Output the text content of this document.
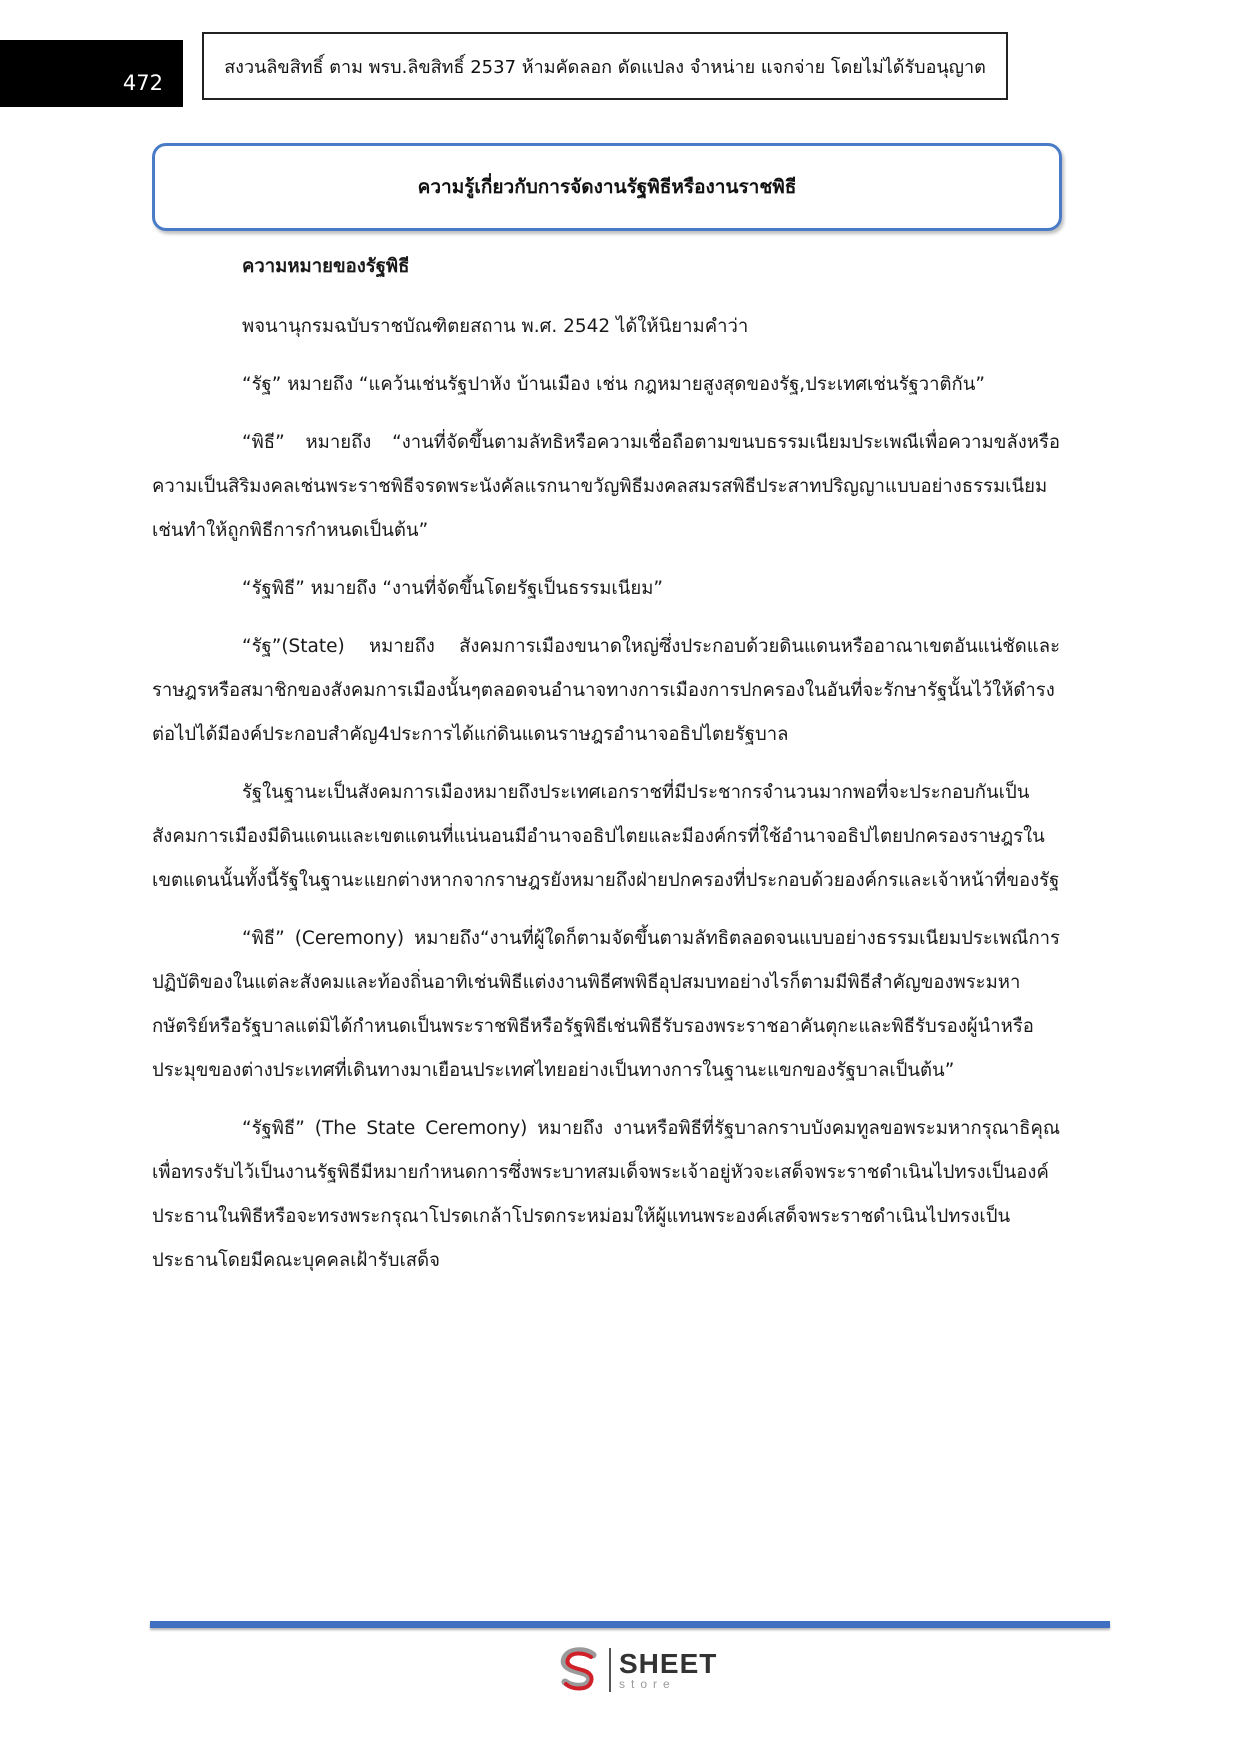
472
สงวนลิขสิทธิ์ ตาม พรบ.ลิขสิทธิ์ 2537 ห้ามคัดลอก ดัดแปลง จำหน่าย แจกจ่าย โดยไม่ได้รับอนุญาต
ความรู้เกี่ยวกับการจัดงานรัฐพิธีหรืองานราชพิธี

ความหมายของรัฐพิธี

พจนานุกรมฉบับราชบัณฑิตยสถาน พ.ศ. 2542 ได้ให้นิยามคำว่า

“รัฐ” หมายถึง “แคว้นเช่นรัฐปาหัง บ้านเมือง เช่น กฎหมายสูงสุดของรัฐ,ประเทศเช่นรัฐวาติกัน”

“พิธี” หมายถึง “งานที่จัดขึ้นตามลัทธิหรือความเชื่อถือตามขนบธรรมเนียมประเพณีเพื่อความขลังหรือความเป็นสิริมงคลเช่นพระราชพิธีจรดพระนังคัลแรกนาขวัญพิธีมงคลสมรสพิธีประสาทปริญญาแบบอย่างธรรมเนียมเช่นทำให้ถูกพิธีการกำหนดเป็นต้น”

“รัฐพิธี” หมายถึง “งานที่จัดขึ้นโดยรัฐเป็นธรรมเนียม”

“รัฐ”(State) หมายถึง สังคมการเมืองขนาดใหญ่ซึ่งประกอบด้วยดินแดนหรืออาณาเขตอันแน่ชัดและราษฎรหรือสมาชิกของสังคมการเมืองนั้นๆตลอดจนอำนาจทางการเมืองการปกครองในอันที่จะรักษารัฐนั้นไว้ให้ดำรงต่อไปได้มีองค์ประกอบสำคัญ4ประการได้แก่ดินแดนราษฎรอำนาจอธิปไตยรัฐบาล

รัฐในฐานะเป็นสังคมการเมืองหมายถึงประเทศเอกราชที่มีประชากรจำนวนมากพอที่จะประกอบกันเป็นสังคมการเมืองมีดินแดนและเขตแดนที่แน่นอนมีอำนาจอธิปไตยและมีองค์กรที่ใช้อำนาจอธิปไตยปกครองราษฎรในเขตแดนนั้นทั้งนี้รัฐในฐานะแยกต่างหากจากราษฎรยังหมายถึงฝ่ายปกครองที่ประกอบด้วยองค์กรและเจ้าหน้าที่ของรัฐ

“พิธี” (Ceremony) หมายถึง“งานที่ผู้ใดก็ตามจัดขึ้นตามลัทธิตลอดจนแบบอย่างธรรมเนียมประเพณีการปฏิบัติของในแต่ละสังคมและท้องถิ่นอาทิเช่นพิธีแต่งงานพิธีศพพิธีอุปสมบทอย่างไรก็ตามมีพิธีสำคัญของพระมหากษัตริย์หรือรัฐบาลแต่มิได้กำหนดเป็นพระราชพิธีหรือรัฐพิธีเช่นพิธีรับรองพระราชอาคันตุกะและพิธีรับรองผู้นำหรือประมุขของต่างประเทศที่เดินทางมาเยือนประเทศไทยอย่างเป็นทางการในฐานะแขกของรัฐบาลเป็นต้น”

“รัฐพิธี” (The State Ceremony) หมายถึง งานหรือพิธีที่รัฐบาลกราบบังคมทูลขอพระมหากรุณาธิคุณเพื่อทรงรับไว้เป็นงานรัฐพิธีมีหมายกำหนดการซึ่งพระบาทสมเด็จพระเจ้าอยู่หัวจะเสด็จพระราชดำเนินไปทรงเป็นองค์ประธานในพิธีหรือจะทรงพระกรุณาโปรดเกล้าโปรดกระหม่อมให้ผู้แทนพระองค์เสด็จพระราชดำเนินไปทรงเป็นประธานโดยมีคณะบุคคลเฝ้ารับเสด็จ

SHEET
store
